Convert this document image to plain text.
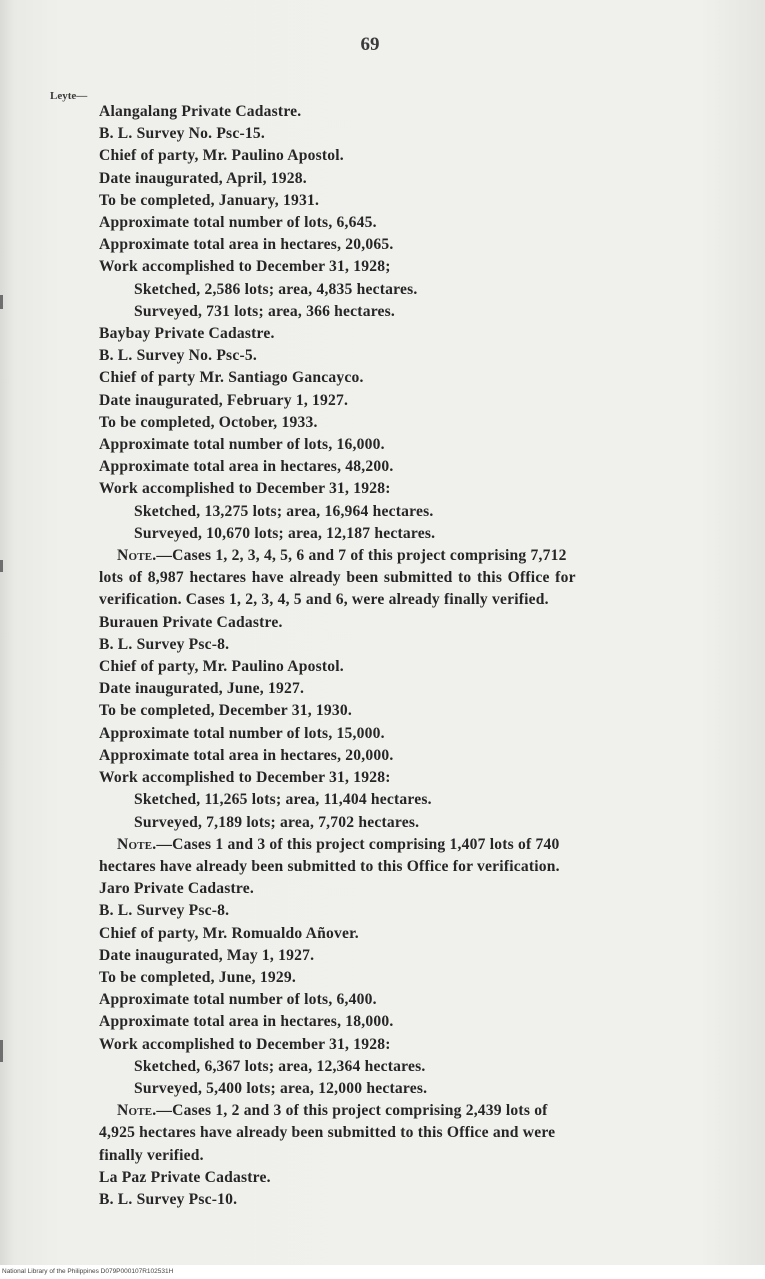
69
Leyte—
Alangalang Private Cadastre.
B. L. Survey No. Psc-15.
Chief of party, Mr. Paulino Apostol.
Date inaugurated, April, 1928.
To be completed, January, 1931.
Approximate total number of lots, 6,645.
Approximate total area in hectares, 20,065.
Work accomplished to December 31, 1928;
Sketched, 2,586 lots; area, 4,835 hectares.
Surveyed, 731 lots; area, 366 hectares.
Baybay Private Cadastre.
B. L. Survey No. Psc-5.
Chief of party Mr. Santiago Gancayco.
Date inaugurated, February 1, 1927.
To be completed, October, 1933.
Approximate total number of lots, 16,000.
Approximate total area in hectares, 48,200.
Work accomplished to December 31, 1928:
Sketched, 13,275 lots; area, 16,964 hectares.
Surveyed, 10,670 lots; area, 12,187 hectares.
Note.—Cases 1, 2, 3, 4, 5, 6 and 7 of this project comprising 7,712
lots of 8,987 hectares have already been submitted to this Office for
verification. Cases 1, 2, 3, 4, 5 and 6, were already finally verified.
Burauen Private Cadastre.
B. L. Survey Psc-8.
Chief of party, Mr. Paulino Apostol.
Date inaugurated, June, 1927.
To be completed, December 31, 1930.
Approximate total number of lots, 15,000.
Approximate total area in hectares, 20,000.
Work accomplished to December 31, 1928:
Sketched, 11,265 lots; area, 11,404 hectares.
Surveyed, 7,189 lots; area, 7,702 hectares.
Note.—Cases 1 and 3 of this project comprising 1,407 lots of 740
hectares have already been submitted to this Office for verification.
Jaro Private Cadastre.
B. L. Survey Psc-8.
Chief of party, Mr. Romualdo Añover.
Date inaugurated, May 1, 1927.
To be completed, June, 1929.
Approximate total number of lots, 6,400.
Approximate total area in hectares, 18,000.
Work accomplished to December 31, 1928:
Sketched, 6,367 lots; area, 12,364 hectares.
Surveyed, 5,400 lots; area, 12,000 hectares.
Note.—Cases 1, 2 and 3 of this project comprising 2,439 lots of
4,925 hectares have already been submitted to this Office and were
finally verified.
La Paz Private Cadastre.
B. L. Survey Psc-10.
National Library of the Philippines D079P000107R102531H
